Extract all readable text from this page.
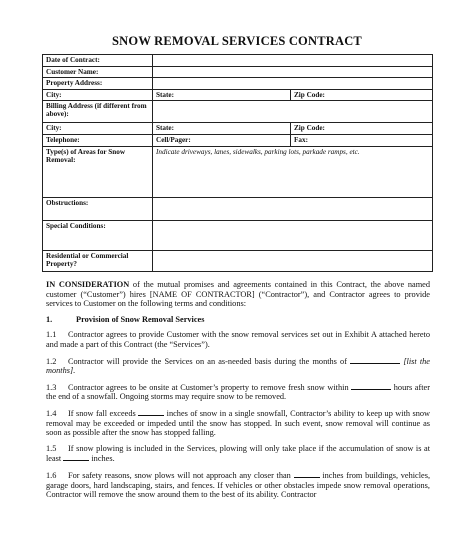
SNOW REMOVAL SERVICES CONTRACT
Date of Contract:		
Customer Name:		
Property Address:		
City:	State:	Zip Code:
Billing Address (if different from above):		
City:	State:	Zip Code:
Telephone:	Cell/Pager:	Fax:
Type(s) of Areas for Snow Removal:	Indicate driveways, lanes, sidewalks, parking lots, parkade ramps, etc.	
Obstructions:		
Special Conditions:		
Residential or Commercial Property?		

IN CONSIDERATION of the mutual promises and agreements contained in this Contract, the above named customer (“Customer”) hires [NAME OF CONTRACTOR] (“Contractor”), and Contractor agrees to provide services to Customer on the following terms and conditions:

1.	Provision of Snow Removal Services

1.1 Contractor agrees to provide Customer with the snow removal services set out in Exhibit A attached hereto and made a part of this Contract (the “Services”).

1.2 Contractor will provide the Services on an as-needed basis during the months of	[list the months].

1.3 Contractor agrees to be onsite at Customer’s property to remove fresh snow within	hours after the end of a snowfall. Ongoing storms may require snow to be removed.

1.4 If snow fall exceeds	inches of snow in a single snowfall, Contractor’s ability to keep up with snow removal may be exceeded or impeded until the snow has stopped. In such event, snow removal will continue as soon as possible after the snow has stopped falling.

1.5 If snow plowing is included in the Services, plowing will only take place if the accumulation of snow is at least	inches.

1.6 For safety reasons, snow plows will not approach any closer than	inches from buildings, vehicles, garage doors, hard landscaping, stairs, and fences. If vehicles or other obstacles impede snow removal operations, Contractor will remove the snow around them to the best of its ability. Contractor
